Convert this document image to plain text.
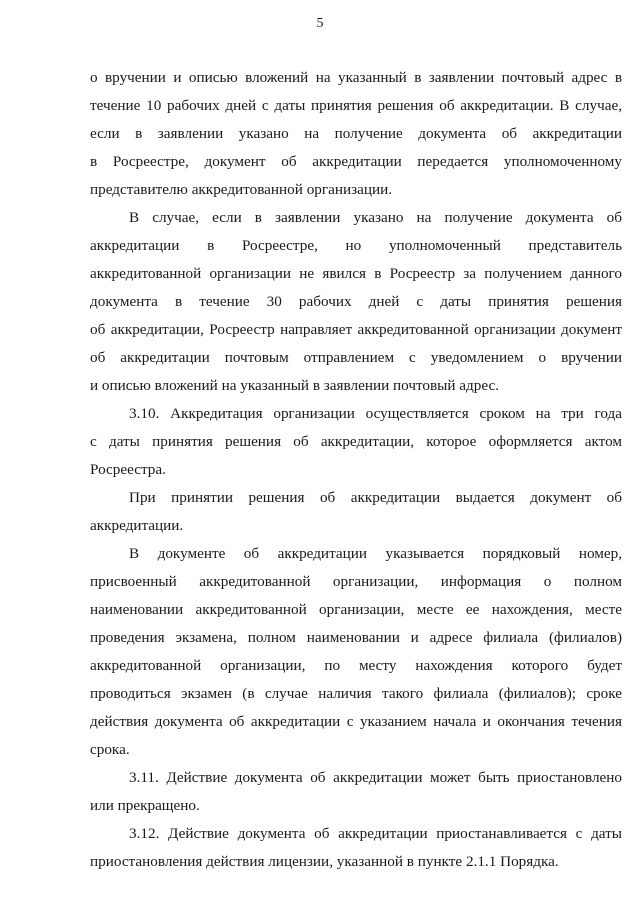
5
о вручении и описью вложений на указанный в заявлении почтовый адрес в
течение 10 рабочих дней с даты принятия решения об аккредитации. В случае,
если в заявлении указано на получение документа об аккредитации
в Росреестре, документ об аккредитации передается уполномоченному
представителю аккредитованной организации.
В случае, если в заявлении указано на получение документа об
аккредитации в Росреестре, но уполномоченный представитель
аккредитованной организации не явился в Росреестр за получением данного
документа в течение 30 рабочих дней с даты принятия решения
об аккредитации, Росреестр направляет аккредитованной организации документ
об аккредитации почтовым отправлением с уведомлением о вручении
и описью вложений на указанный в заявлении почтовый адрес.
3.10. Аккредитация организации осуществляется сроком на три года
с даты принятия решения об аккредитации, которое оформляется актом
Росреестра.
При принятии решения об аккредитации выдается документ об
аккредитации.
В документе об аккредитации указывается порядковый номер,
присвоенный аккредитованной организации, информация о полном
наименовании аккредитованной организации, месте ее нахождения, месте
проведения экзамена, полном наименовании и адресе филиала (филиалов)
аккредитованной организации, по месту нахождения которого будет
проводиться экзамен (в случае наличия такого филиала (филиалов); сроке
действия документа об аккредитации с указанием начала и окончания течения
срока.
3.11. Действие документа об аккредитации может быть приостановлено
или прекращено.
3.12. Действие документа об аккредитации приостанавливается с даты
приостановления действия лицензии, указанной в пункте 2.1.1 Порядка.
